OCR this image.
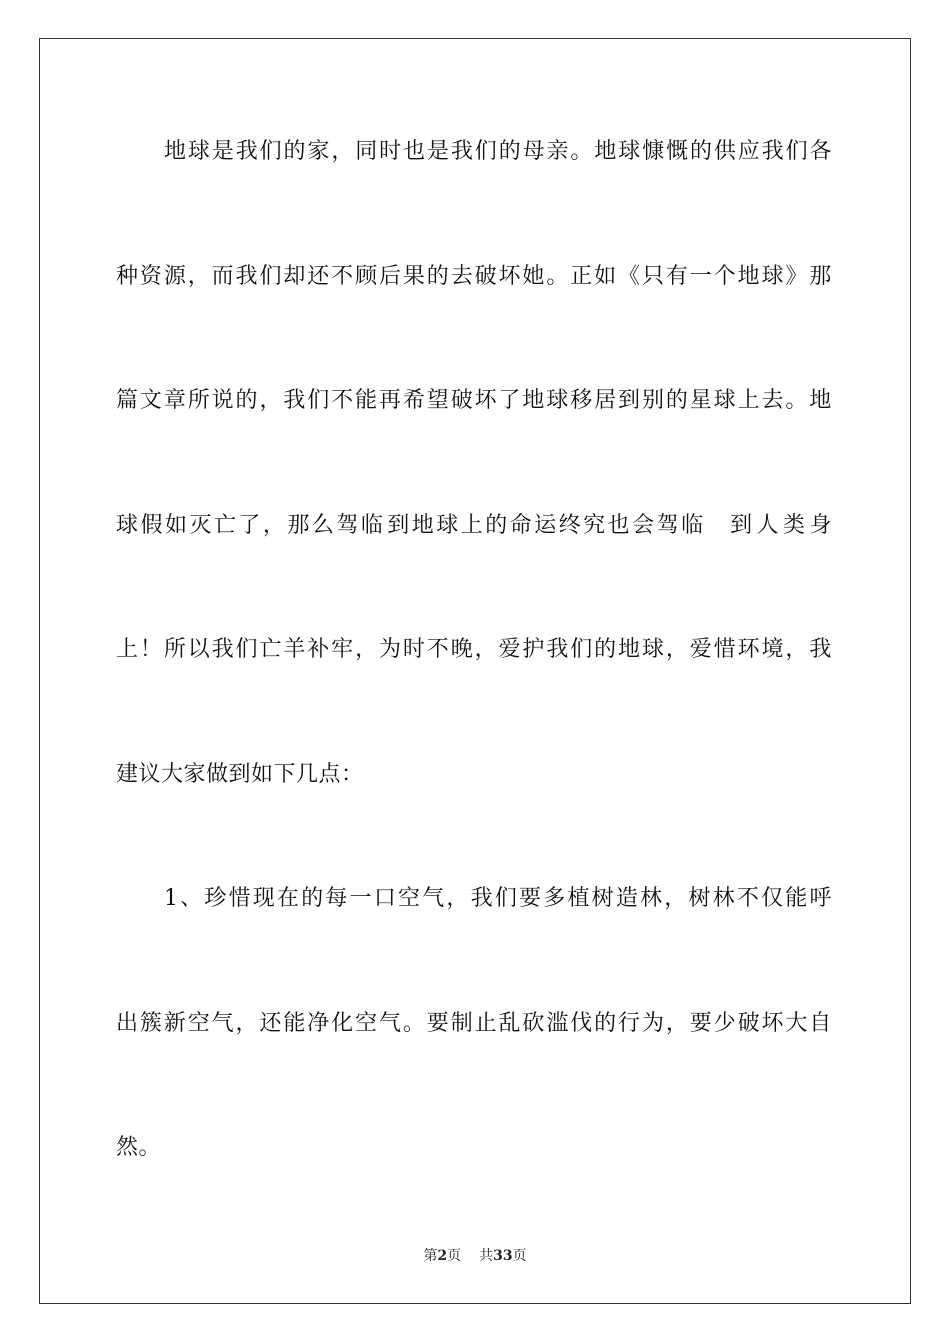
地 球 是 我 们 的 家 ， 同 时 也 是 我 们 的 母 亲 。 地 球 慷 慨 的 供 应 我 们 各
种 资 源 ， 而 我 们 却 还 不 顾 后 果 的 去 破 坏 她 。 正 如 《 只 有 一 个 地 球 》 那
篇 文 章 所 说 的 ， 我 们 不 能 再 希 望 破 坏 了 地 球 移 居 到 别 的 星 球 上 去 。 地
球 假 如 灭 亡 了 ， 那 么 驾 临 到 地 球 上 的 命 运 终 究 也 会 驾 临
　 到 人 类 身
上 ！ 所 以 我 们 亡 羊 补 牢 ， 为 时 不 晚 ， 爱 护 我 们 的 地 球 ， 爱 惜 环 境 ， 我
建议大家做到如下几点：
1 、 珍 惜 现 在 的 每 一 口 空 气 ， 我 们 要 多 植 树 造 林 ， 树 林 不 仅 能 呼
出 簇 新 空 气 ， 还 能 净 化 空 气 。 要 制 止 乱 砍 滥 伐 的 行 为 ， 要 少 破 坏 大 自
然。
第2页 共33页
